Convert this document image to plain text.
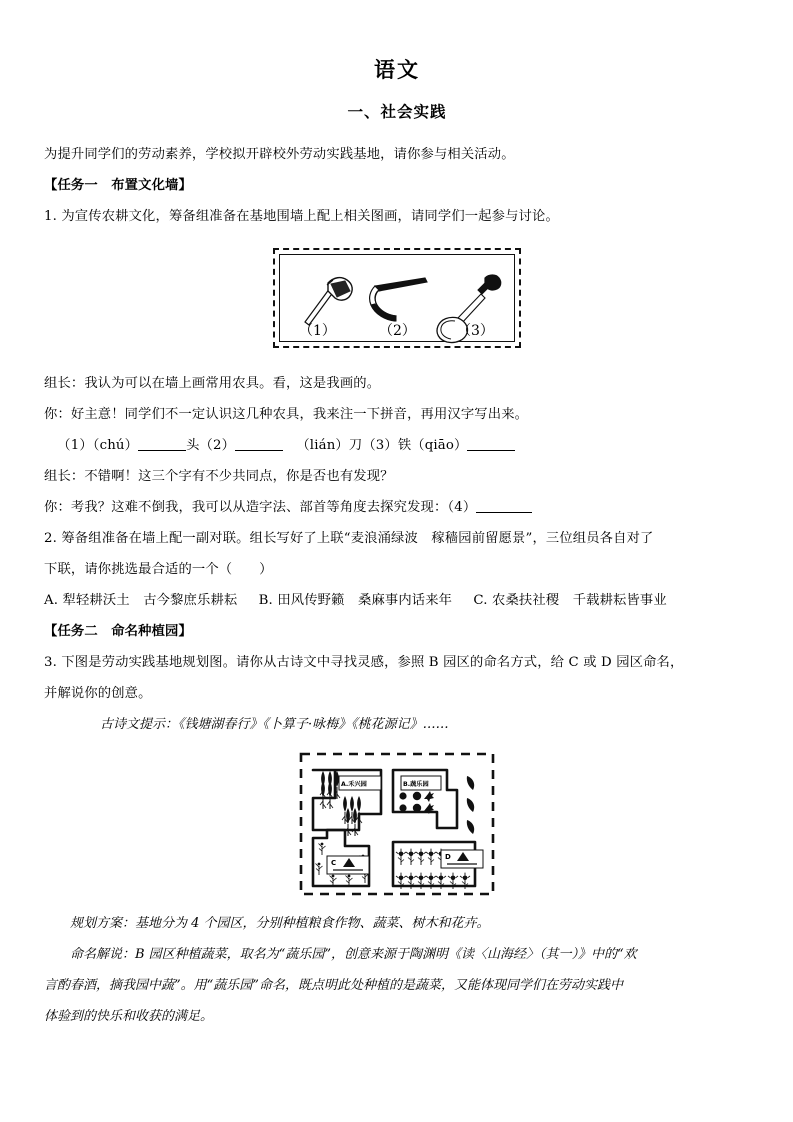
语文
一、社会实践

为提升同学们的劳动素养，学校拟开辟校外劳动实践基地，请你参与相关活动。

【任务一　布置文化墙】

1. 为宣传农耕文化，筹备组准备在基地围墙上配上相关图画，请同学们一起参与讨论。

（1）	（2）	（3）

组长：我认为可以在墙上画常用农具。看，这是我画的。

你：好主意！同学们不一定认识这几种农具，我来注一下拼音，再用汉字写出来。

（1）（chú）	头（2）	（lián）刀（3）铁（qiāo）

组长：不错啊！这三个字有不少共同点，你是否也有发现？

你：考我？这难不倒我，我可以从造字法、部首等角度去探究发现：（4）

2. 筹备组准备在墙上配一副对联。组长写好了上联“麦浪涌绿波　稼穑园前留愿景”，三位组员各自对了

下联，请你挑选最合适的一个（　　）

A. 犁轻耕沃土　古今黎庶乐耕耘 B. 田风传野籁　桑麻事内话来年 C. 农桑扶社稷　千载耕耘皆事业

【任务二　命名种植园】

3. 下图是劳动实践基地规划图。请你从古诗文中寻找灵感，参照 B 园区的命名方式，给 C 或 D 园区命名，

并解说你的创意。

古诗文提示：《钱塘湖春行》《卜算子·咏梅》《桃花源记》……

A.禾兴园	B.蔬乐园
C
D

规划方案：基地分为 4 个园区，分别种植粮食作物、蔬菜、树木和花卉。

命名解说：B 园区种植蔬菜，取名为“蔬乐园”，创意来源于陶渊明《读〈山海经〉（其一）》中的“欢

言酌春酒，摘我园中蔬”。用“蔬乐园”命名，既点明此处种植的是蔬菜，又能体现同学们在劳动实践中

体验到的快乐和收获的满足。
